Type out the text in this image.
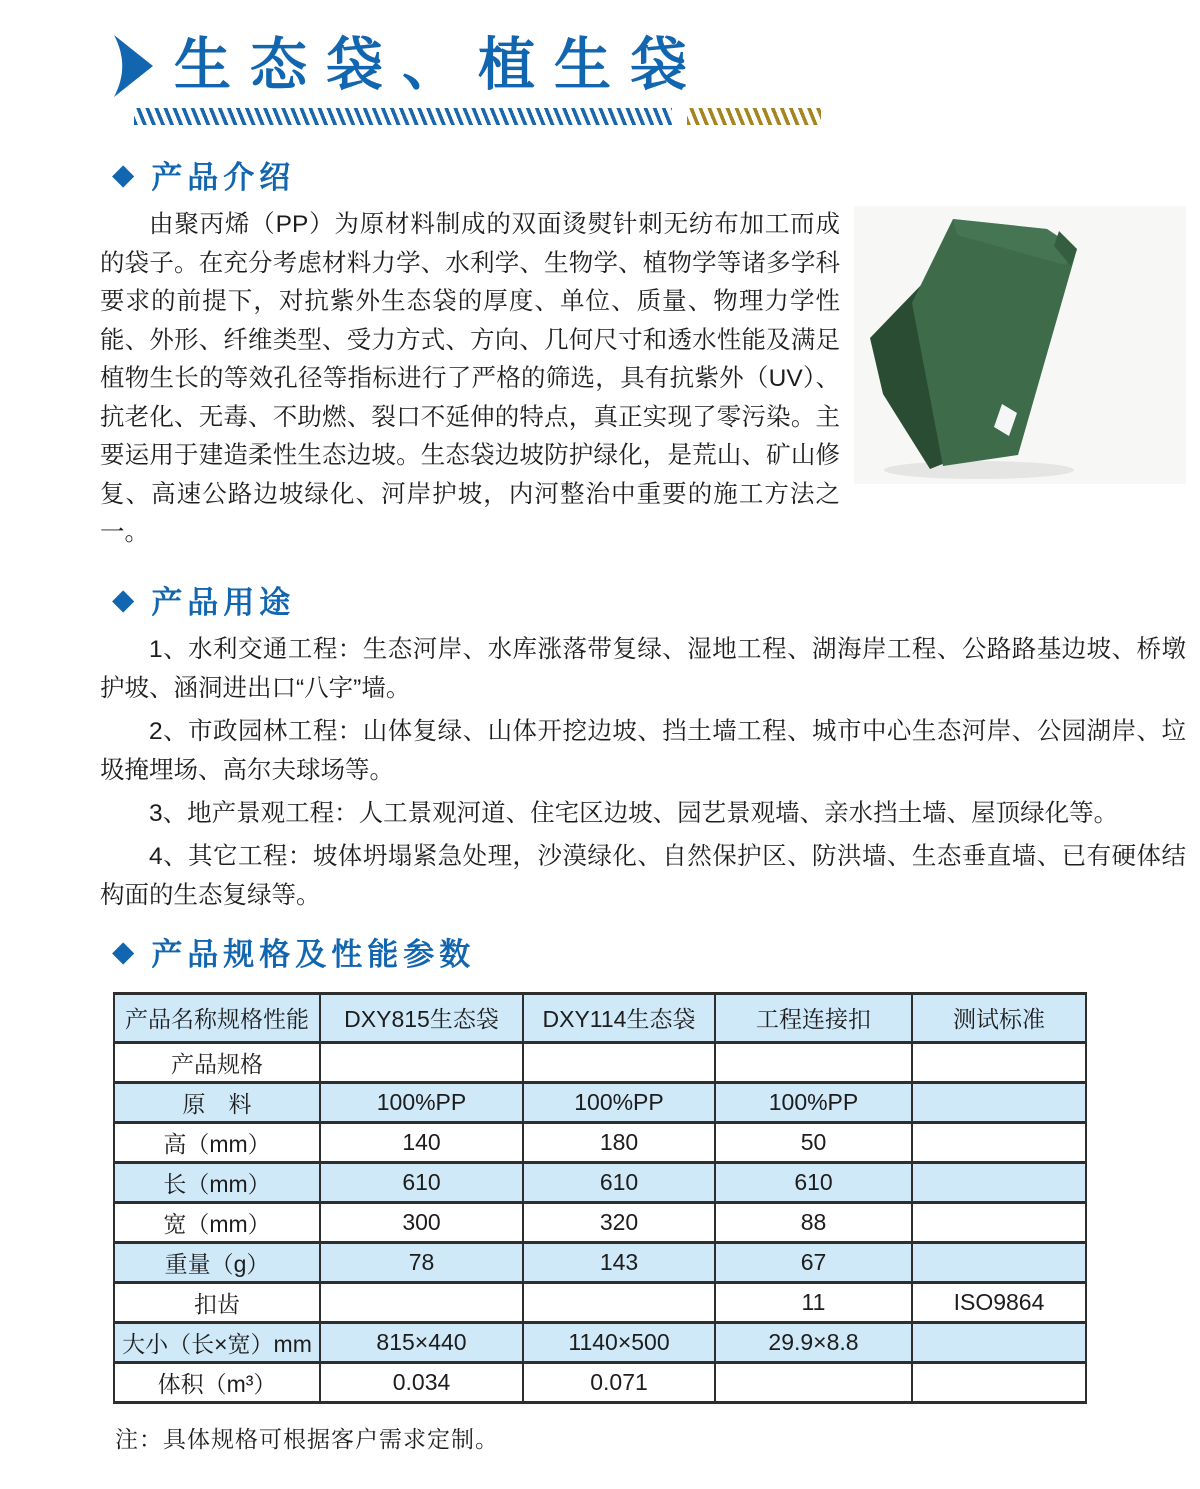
生态袋、植生袋
◆ 产品介绍

由聚丙烯（PP）为原材料制成的双面烫熨针刺无纺布加工而成的袋子。在充分考虑材料力学、水利学、生物学、植物学等诸多学科要求的前提下，对抗紫外生态袋的厚度、单位、质量、物理力学性能、外形、纤维类型、受力方式、方向、几何尺寸和透水性能及满足植物生长的等效孔径等指标进行了严格的筛选，具有抗紫外（UV）、抗老化、无毒、不助燃、裂口不延伸的特点，真正实现了零污染。主要运用于建造柔性生态边坡。生态袋边坡防护绿化，是荒山、矿山修复、高速公路边坡绿化、河岸护坡，内河整治中重要的施工方法之一。

◆ 产品用途

1、水利交通工程：生态河岸、水库涨落带复绿、湿地工程、湖海岸工程、公路路基边坡、桥墩护坡、涵洞进出口“八字”墙。

2、市政园林工程：山体复绿、山体开挖边坡、挡土墙工程、城市中心生态河岸、公园湖岸、垃圾掩埋场、高尔夫球场等。

3、地产景观工程：人工景观河道、住宅区边坡、园艺景观墙、亲水挡土墙、屋顶绿化等。

4、其它工程：坡体坍塌紧急处理，沙漠绿化、自然保护区、防洪墙、生态垂直墙、已有硬体结构面的生态复绿等。

◆ 产品规格及性能参数
产品名称规格性能	DXY815生态袋	DXY114生态袋	工程连接扣	测试标准
产品规格				
原　料	100%PP	100%PP	100%PP	
高（mm）	140	180	50	
长（mm）	610	610	610	
宽（mm）	300	320	88	
重量（g）	78	143	67	
扣齿			11	ISO9864
大小（长×宽）mm	815×440	1140×500	29.9×8.8	
体积（m³）	0.034	0.071		

注：具体规格可根据客户需求定制。
